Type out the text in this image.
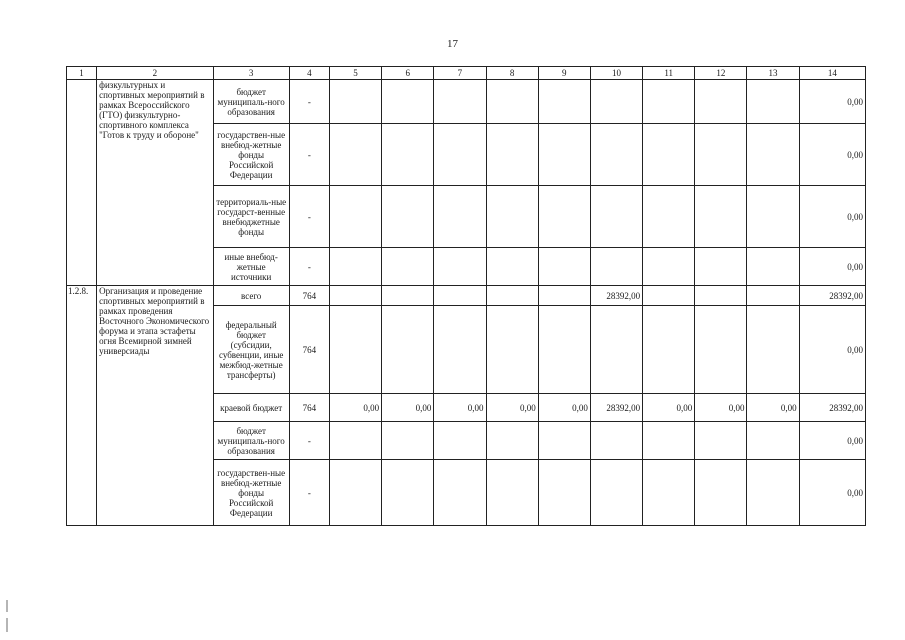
17
1	2	3	4	5	6	7	8	9	10	11	12	13	14
	физкультурных и спортивных мероприятий в рамках Всероссийского (ГТО) физкультурно-спортивного комплекса "Готов к труду и обороне"	бюджет муниципаль-ного образования	-										0,00
		государствен-ные внебюд-жетные фонды Российской Федерации	-										0,00
		территориаль-ные государст-венные внебюджетные фонды	-										0,00
		иные внебюд-жетные источники	-										0,00
1.2.8.	Организация и проведение спортивных мероприятий в рамках проведения Восточного Экономического форума и этапа эстафеты огня Всемирной зимней универсиады	всего	764						28392,00				28392,00
		федеральный бюджет (субсидии, субвенции, иные межбюд-жетные трансферты)	764										0,00
		краевой бюджет	764	0,00	0,00	0,00	0,00	0,00	28392,00	0,00	0,00	0,00	28392,00
		бюджет муниципаль-ного образования	-										0,00
		государствен-ные внебюд-жетные фонды Российской Федерации	-										0,00
